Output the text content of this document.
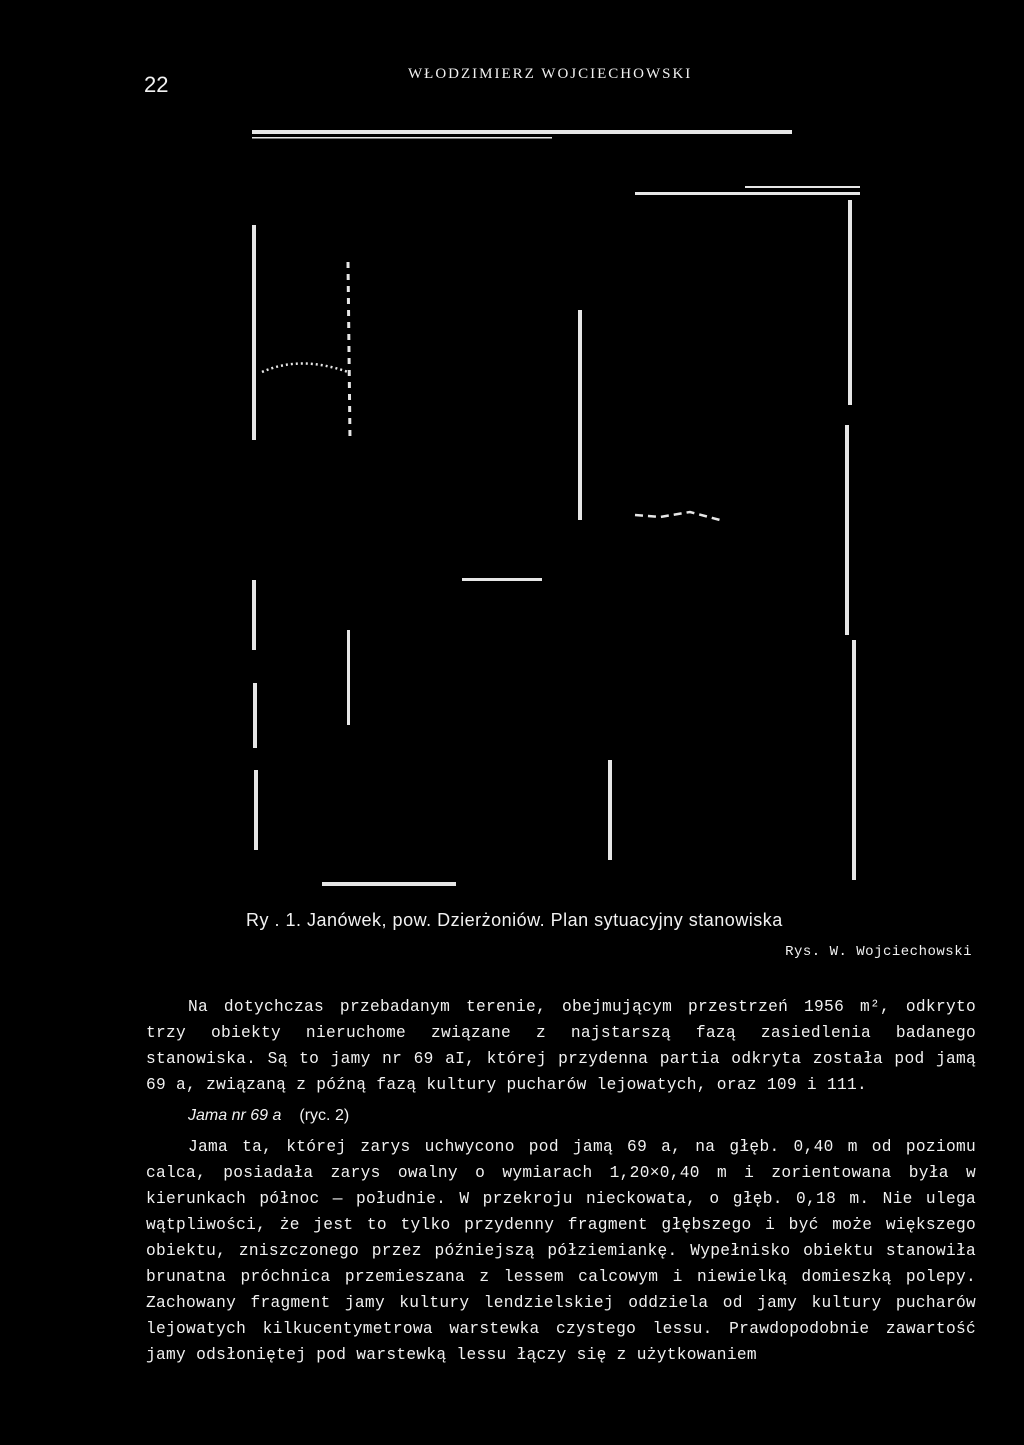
22	WŁODZIMIERZ WOJCIECHOWSKI
Ry . 1. Janówek, pow. Dzierżoniów. Plan sytuacyjny stanowiska
Rys. W. Wojciechowski

Na dotychczas przebadanym terenie, obejmującym przestrzeń 1956 m², odkryto trzy obiekty nieruchome związane z najstarszą fazą zasiedlenia badanego stanowiska. Są to jamy nr 69 aI, której przydenna partia odkryta została pod jamą 69 a, związaną z późną fazą kultury pucharów lejowatych, oraz 109 i 111.

Jama nr 69 a (ryc. 2)

Jama ta, której zarys uchwycono pod jamą 69 a, na głęb. 0,40 m od poziomu calca, posiadała zarys owalny o wymiarach 1,20×0,40 m i zorientowana była w kierunkach północ — południe. W przekroju nieckowata, o głęb. 0,18 m. Nie ulega wątpliwości, że jest to tylko przydenny fragment głębszego i być może większego obiektu, zniszczonego przez późniejszą półziemiankę. Wypełnisko obiektu stanowiła brunatna próchnica przemieszana z lessem calcowym i niewielką domieszką polepy. Zachowany fragment jamy kultury lendzielskiej oddziela od jamy kultury pucharów lejowatych kilkucentymetrowa warstewka czystego lessu. Prawdopodobnie zawartość jamy odsłoniętej pod warstewką lessu łączy się z użytkowaniem
